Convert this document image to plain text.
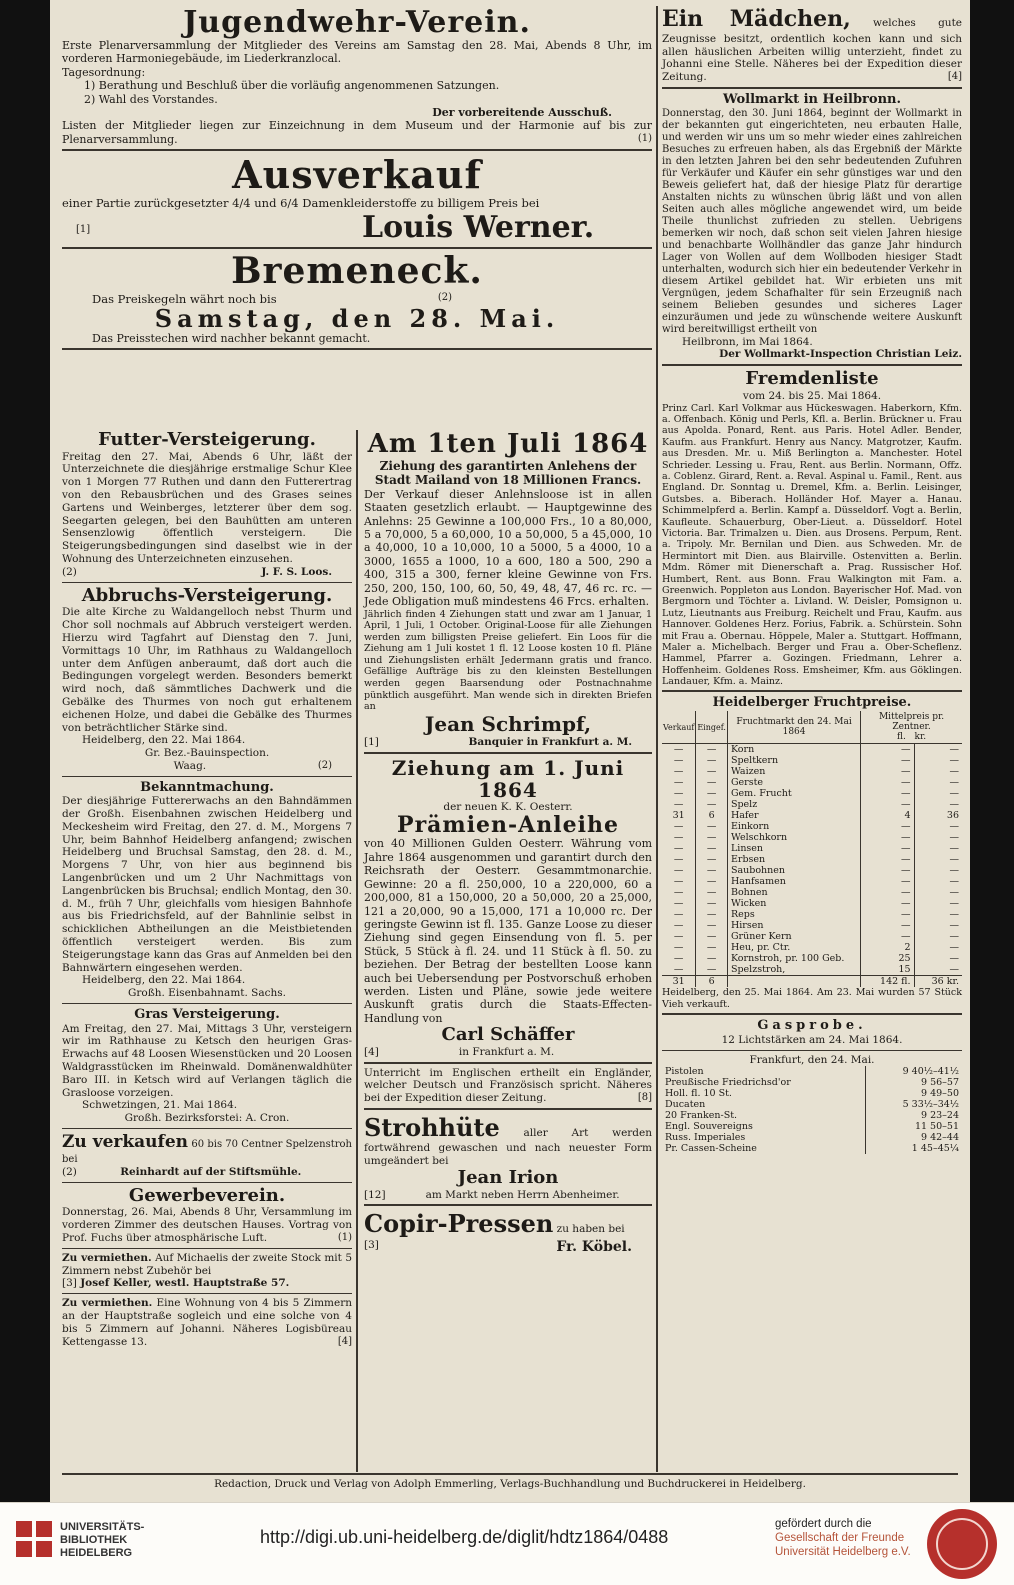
Jugendwehr-Verein.

Erste Plenarversammlung der Mitglieder des Vereins am Samstag den 28. Mai, Abends 8 Uhr, im vorderen Harmoniegebäude, im Liederkranzlocal.

Tagesordnung:

1) Berathung und Beschluß über die vorläufig angenommenen Satzungen.

2) Wahl des Vorstandes.

Der vorbereitende Ausschuß.

Listen der Mitglieder liegen zur Einzeichnung in dem Museum und der Harmonie auf bis zur Plenarversammlung.	(1)

Ausverkauf

einer Partie zurückgesetzter 4/4 und 6/4 Damenkleiderstoffe zu billigem Preis bei

[1]	Louis Werner.
Bremeneck.

Das Preiskegeln währt noch bis	(2)

Samstag, den 28. Mai.

Das Preisstechen wird nachher bekannt gemacht.

Futter-Versteigerung.

Freitag den 27. Mai, Abends 6 Uhr, läßt der Unterzeichnete die diesjährige erstmalige Schur Klee von 1 Morgen 77 Ruthen und dann den Futterertrag von den Rebausbrüchen und des Grases seines Gartens und Weinberges, letzterer über dem sog. Seegarten gelegen, bei den Bauhütten am unteren Sensenzlowig öffentlich versteigern. Die Steigerungsbedingungen sind daselbst wie in der Wohnung des Unterzeichneten einzusehen.

(2)	J. F. S. Loos.

Abbruchs-Versteigerung.

Die alte Kirche zu Waldangelloch nebst Thurm und Chor soll nochmals auf Abbruch versteigert werden. Hierzu wird Tagfahrt auf Dienstag den 7. Juni, Vormittags 10 Uhr, im Rathhaus zu Waldangelloch unter dem Anfügen anberaumt, daß dort auch die Bedingungen vorgelegt werden. Besonders bemerkt wird noch, daß sämmtliches Dachwerk und die Gebälke des Thurmes von noch gut erhaltenem eichenen Holze, und dabei die Gebälke des Thurmes von beträchtlicher Stärke sind.

Heidelberg, den 22. Mai 1864.

Gr. Bez.-Bauinspection.

Waag.	(2)

Bekanntmachung.

Der diesjährige Futtererwachs an den Bahndämmen der Großh. Eisenbahnen zwischen Heidelberg und Meckesheim wird Freitag, den 27. d. M., Morgens 7 Uhr, beim Bahnhof Heidelberg anfangend; zwischen Heidelberg und Bruchsal Samstag, den 28. d. M., Morgens 7 Uhr, von hier aus beginnend bis Langenbrücken und um 2 Uhr Nachmittags von Langenbrücken bis Bruchsal; endlich Montag, den 30. d. M., früh 7 Uhr, gleichfalls vom hiesigen Bahnhofe aus bis Friedrichsfeld, auf der Bahnlinie selbst in schicklichen Abtheilungen an die Meistbietenden öffentlich versteigert werden. Bis zum Steigerungstage kann das Gras auf Anmelden bei den Bahnwärtern eingesehen werden.

Heidelberg, den 22. Mai 1864.

Großh. Eisenbahnamt. Sachs.

Gras Versteigerung.

Am Freitag, den 27. Mai, Mittags 3 Uhr, versteigern wir im Rathhause zu Ketsch den heurigen Gras-Erwachs auf 48 Loosen Wiesenstücken und 20 Loosen Waldgrasstücken im Rheinwald. Domänenwaldhüter Baro III. in Ketsch wird auf Verlangen täglich die Grasloose vorzeigen.

Schwetzingen, 21. Mai 1864.

Großh. Bezirksforstei: A. Cron.

Zu verkaufen 60 bis 70 Centner Spelzenstroh bei

(2)	Reinhardt auf der Stiftsmühle.

Gewerbeverein.

Donnerstag, 26. Mai, Abends 8 Uhr, Versammlung im vorderen Zimmer des deutschen Hauses. Vortrag von Prof. Fuchs über atmosphärische Luft.	(1)

Zu vermiethen. Auf Michaelis der zweite Stock mit 5 Zimmern nebst Zubehör bei

[3] Josef Keller, westl. Hauptstraße 57.

Zu vermiethen. Eine Wohnung von 4 bis 5 Zimmern an der Hauptstraße sogleich und eine solche von 4 bis 5 Zimmern auf Johanni. Näheres Logisbüreau Kettengasse 13.	[4]

Am 1ten Juli 1864

Ziehung des garantirten Anlehens der Stadt Mailand von 18 Millionen Francs.

Der Verkauf dieser Anlehnsloose ist in allen Staaten gesetzlich erlaubt. — Hauptgewinne des Anlehns: 25 Gewinne a 100,000 Frs., 10 a 80,000, 5 a 70,000, 5 a 60,000, 10 a 50,000, 5 a 45,000, 10 a 40,000, 10 a 10,000, 10 a 5000, 5 a 4000, 10 a 3000, 1655 a 1000, 10 a 600, 180 a 500, 290 a 400, 315 a 300, ferner kleine Gewinne von Frs. 250, 200, 150, 100, 60, 50, 49, 48, 47, 46 rc. rc. — Jede Obligation muß mindestens 46 Frcs. erhalten.

Jährlich finden 4 Ziehungen statt und zwar am 1 Januar, 1 April, 1 Juli, 1 October. Original-Loose für alle Ziehungen werden zum billigsten Preise geliefert. Ein Loos für die Ziehung am 1 Juli kostet 1 fl. 12 Loose kosten 10 fl. Pläne und Ziehungslisten erhält Jedermann gratis und franco. Gefällige Aufträge bis zu den kleinsten Bestellungen werden gegen Baarsendung oder Postnachnahme pünktlich ausgeführt. Man wende sich in direkten Briefen an

Jean Schrimpf,

[1]	Banquier in Frankfurt a. M.

Ziehung am 1. Juni 1864

der neuen K. K. Oesterr.

Prämien-Anleihe

von 40 Millionen Gulden Oesterr. Währung vom Jahre 1864 ausgenommen und garantirt durch den Reichsrath der Oesterr. Gesammtmonarchie. Gewinne: 20 a fl. 250,000, 10 a 220,000, 60 a 200,000, 81 a 150,000, 20 a 50,000, 20 a 25,000, 121 a 20,000, 90 a 15,000, 171 a 10,000 rc. Der geringste Gewinn ist fl. 135. Ganze Loose zu dieser Ziehung sind gegen Einsendung von fl. 5. per Stück, 5 Stück à fl. 24. und 11 Stück à fl. 50. zu beziehen. Der Betrag der bestellten Loose kann auch bei Uebersendung per Postvorschuß erhoben werden. Listen und Pläne, sowie jede weitere Auskunft gratis durch die Staats-Effecten-Handlung von

Carl Schäffer

[4]	in Frankfurt a. M.

Unterricht im Englischen ertheilt ein Engländer, welcher Deutsch und Französisch spricht. Näheres bei der Expedition dieser Zeitung.	[8]

Strohhüte aller Art werden fortwährend gewaschen und nach neuester Form umgeändert bei

Jean Irion

[12]	am Markt neben Herrn Abenheimer.

Copir-Pressen zu haben bei

[3]	Fr. Köbel.

Ein Mädchen, welches gute Zeugnisse besitzt, ordentlich kochen kann und sich allen häuslichen Arbeiten willig unterzieht, findet zu Johanni eine Stelle. Näheres bei der Expedition dieser Zeitung.	[4]

Wollmarkt in Heilbronn.

Donnerstag, den 30. Juni 1864, beginnt der Wollmarkt in der bekannten gut eingerichteten, neu erbauten Halle, und werden wir uns um so mehr wieder eines zahlreichen Besuches zu erfreuen haben, als das Ergebniß der Märkte in den letzten Jahren bei den sehr bedeutenden Zufuhren für Verkäufer und Käufer ein sehr günstiges war und den Beweis geliefert hat, daß der hiesige Platz für derartige Anstalten nichts zu wünschen übrig läßt und von allen Seiten auch alles mögliche angewendet wird, um beide Theile thunlichst zufrieden zu stellen. Uebrigens bemerken wir noch, daß schon seit vielen Jahren hiesige und benachbarte Wollhändler das ganze Jahr hindurch Lager von Wollen auf dem Wollboden hiesiger Stadt unterhalten, wodurch sich hier ein bedeutender Verkehr in diesem Artikel gebildet hat. Wir erbieten uns mit Vergnügen, jedem Schafhalter für sein Erzeugniß nach seinem Belieben gesundes und sicheres Lager einzuräumen und jede zu wünschende weitere Auskunft wird bereitwilligst ertheilt von

Heilbronn, im Mai 1864.

Der Wollmarkt-Inspection Christian Leiz.

Fremdenliste

vom 24. bis 25. Mai 1864.

Prinz Carl. Karl Volkmar aus Hückeswagen. Haberkorn, Kfm. a. Offenbach. König und Perls, Kfl. a. Berlin. Brückner u. Frau aus Apolda. Ponard, Rent. aus Paris. Hotel Adler. Bender, Kaufm. aus Frankfurt. Henry aus Nancy. Matgrotzer, Kaufm. aus Dresden. Mr. u. Miß Berlington a. Manchester. Hotel Schrieder. Lessing u. Frau, Rent. aus Berlin. Normann, Offz. a. Coblenz. Girard, Rent. a. Reval. Aspinal u. Famil., Rent. aus England. Dr. Sonntag u. Dremel, Kfm. a. Berlin. Leisinger, Gutsbes. a. Biberach. Holländer Hof. Mayer a. Hanau. Schimmelpferd a. Berlin. Kampf a. Düsseldorf. Vogt a. Berlin, Kaufleute. Schauerburg, Ober-Lieut. a. Düsseldorf. Hotel Victoria. Bar. Trimalzen u. Dien. aus Drosens. Perpum, Rent. a. Tripoly. Mr. Bernilan und Dien. aus Schweden. Mr. de Hermintort mit Dien. aus Blairville. Ostenvitten a. Berlin. Mdm. Römer mit Dienerschaft a. Prag. Russischer Hof. Humbert, Rent. aus Bonn. Frau Walkington mit Fam. a. Greenwich. Poppleton aus London. Bayerischer Hof. Mad. von Bergmorn und Töchter a. Livland. W. Deisler, Pomsignon u. Lutz, Lieutnants aus Freiburg. Reichelt und Frau, Kaufm. aus Hannover. Goldenes Herz. Forius, Fabrik. a. Schürstein. Sohn mit Frau a. Obernau. Höppele, Maler a. Stuttgart. Hoffmann, Maler a. Michelbach. Berger und Frau a. Ober-Scheflenz. Hammel, Pfarrer a. Gozingen. Friedmann, Lehrer a. Hoffenheim. Goldenes Ross. Emsheimer, Kfm. aus Göklingen. Landauer, Kfm. a. Mainz.

Heidelberger Fruchtpreise.
Verkauf	Eingef.	Fruchtmarkt den 24. Mai 1864	Mittelpreis pr. Zentner.
fl. kr.	
—	—	Korn	—	—
—	—	Speltkern	—	—
—	—	Waizen	—	—
—	—	Gerste	—	—
—	—	Gem. Frucht	—	—
—	—	Spelz	—	—
31	6	Hafer	4	36
—	—	Einkorn	—	—
—	—	Welschkorn	—	—
—	—	Linsen	—	—
—	—	Erbsen	—	—
—	—	Saubohnen	—	—
—	—	Hanfsamen	—	—
—	—	Bohnen	—	—
—	—	Wicken	—	—
—	—	Reps	—	—
—	—	Hirsen	—	—
—	—	Grüner Kern	—	—
—	—	Heu, pr. Ctr.	2	—
—	—	Kornstroh, pr. 100 Geb.	25	—
—	—	Spelzstroh,	15	—
31	6		142 fl.	36 kr.

Heidelberg, den 25. Mai 1864. Am 23. Mai wurden 57 Stück Vieh verkauft.

Gasprobe.

12 Lichtstärken am 24. Mai 1864.

Frankfurt, den 24. Mai.

Pistolen	9 40½–41½
Preußische Friedrichsd'or	9 56–57
Holl. fl. 10 St.	9 49–50
Ducaten	5 33½–34½
20 Franken-St.	9 23–24
Engl. Souvereigns	11 50–51
Russ. Imperiales	9 42–44
Pr. Cassen-Scheine	1 45–45¼
Redaction, Druck und Verlag von Adolph Emmerling, Verlags-Buchhandlung und Buchdruckerei in Heidelberg.
UNIVERSITÄTS-
BIBLIOTHEK
HEIDELBERG
http://digi.ub.uni-heidelberg.de/diglit/hdtz1864/0488
gefördert durch die
Gesellschaft der Freunde
Universität Heidelberg e.V.
